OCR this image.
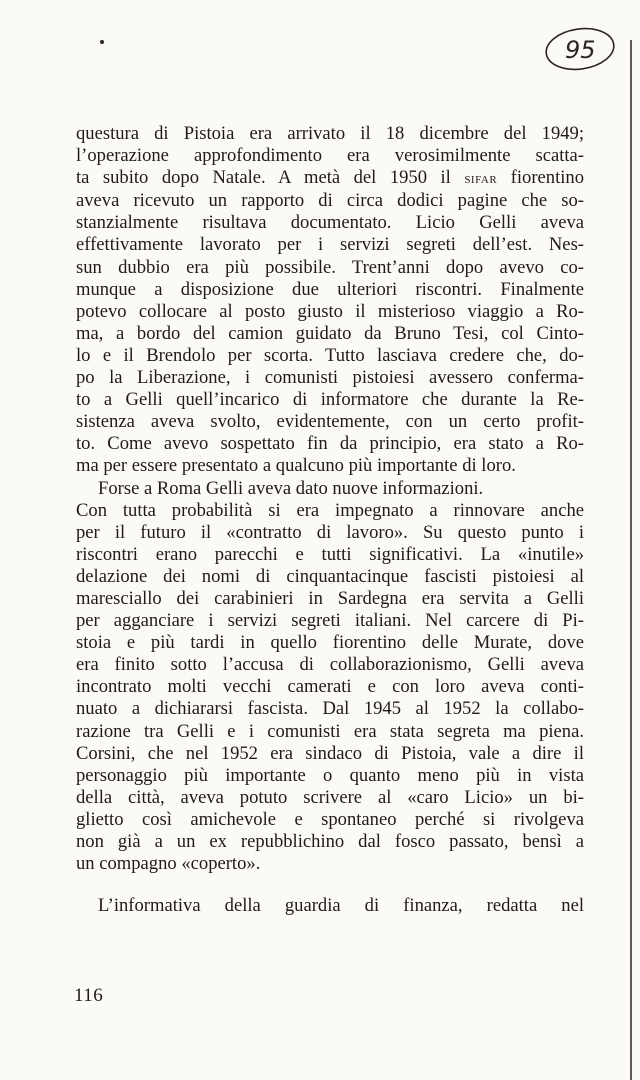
95
questura di Pistoia era arrivato il 18 dicembre del 1949;
l’operazione approfondimento era verosimilmente scatta-
ta subito dopo Natale. A metà del 1950 il sifar fiorentino
aveva ricevuto un rapporto di circa dodici pagine che so-
stanzialmente risultava documentato. Licio Gelli aveva
effettivamente lavorato per i servizi segreti dell’est. Nes-
sun dubbio era più possibile. Trent’anni dopo avevo co-
munque a disposizione due ulteriori riscontri. Finalmente
potevo collocare al posto giusto il misterioso viaggio a Ro-
ma, a bordo del camion guidato da Bruno Tesi, col Cinto-
lo e il Brendolo per scorta. Tutto lasciava credere che, do-
po la Liberazione, i comunisti pistoiesi avessero conferma-
to a Gelli quell’incarico di informatore che durante la Re-
sistenza aveva svolto, evidentemente, con un certo profit-
to. Come avevo sospettato fin da principio, era stato a Ro-
ma per essere presentato a qualcuno più importante di loro.
Forse a Roma Gelli aveva dato nuove informazioni.
Con tutta probabilità si era impegnato a rinnovare anche
per il futuro il «contratto di lavoro». Su questo punto i
riscontri erano parecchi e tutti significativi. La «inutile»
delazione dei nomi di cinquantacinque fascisti pistoiesi al
maresciallo dei carabinieri in Sardegna era servita a Gelli
per agganciare i servizi segreti italiani. Nel carcere di Pi-
stoia e più tardi in quello fiorentino delle Murate, dove
era finito sotto l’accusa di collaborazionismo, Gelli aveva
incontrato molti vecchi camerati e con loro aveva conti-
nuato a dichiararsi fascista. Dal 1945 al 1952 la collabo-
razione tra Gelli e i comunisti era stata segreta ma piena.
Corsini, che nel 1952 era sindaco di Pistoia, vale a dire il
personaggio più importante o quanto meno più in vista
della città, aveva potuto scrivere al «caro Licio» un bi-
glietto così amichevole e spontaneo perché si rivolgeva
non già a un ex repubblichino dal fosco passato, bensì a
un compagno «coperto».
L’informativa della guardia di finanza, redatta nel
116
